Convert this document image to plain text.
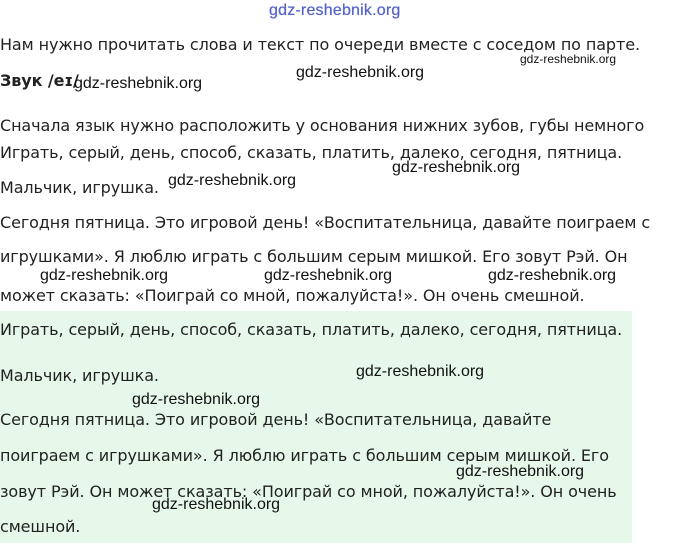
gdz-reshebnik.org
Нам нужно прочитать слова и текст по очереди вместе с соседом по парте.
gdz-reshebnik.org
Звук /eɪ/
gdz-reshebnik.org
gdz-reshebnik.org
Сначала язык нужно расположить у основания нижних зубов, губы немного
Играть, серый, день, способ, сказать, платить, далеко, сегодня, пятница.
gdz-reshebnik.org
Мальчик, игрушка. gdz-reshebnik.org
Сегодня пятница. Это игровой день! «Воспитательница, давайте поиграем с
игрушками». Я люблю играть с большим серым мишкой. Его зовут Рэй. Он
gdz-reshebnik.org	gdz-reshebnik.org	gdz-reshebnik.org
может сказать: «Поиграй со мной, пожалуйста!». Он очень смешной.
Играть, серый, день, способ, сказать, платить, далеко, сегодня, пятница.
Мальчик, игрушка.	gdz-reshebnik.org
gdz-reshebnik.org
Сегодня пятница. Это игровой день! «Воспитательница, давайте
поиграем с игрушками». Я люблю играть с большим серым мишкой. Его
gdz-reshebnik.org
зовут Рэй. Он может сказать: «Поиграй со мной, пожалуйста!». Он очень
gdz-reshebnik.org
смешной.
